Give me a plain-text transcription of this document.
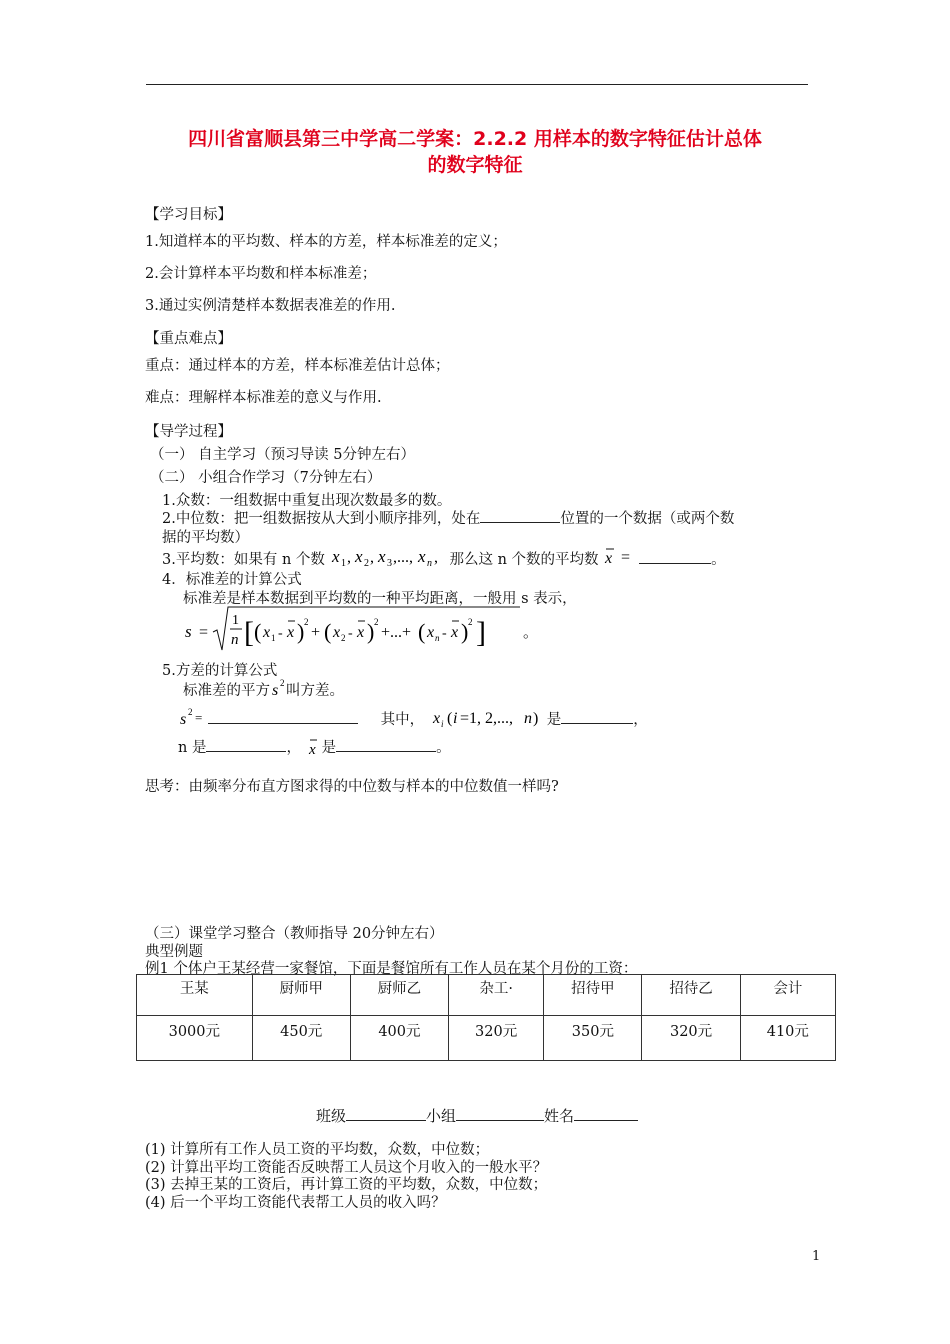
四川省富顺县第三中学高二学案：2.2.2 用样本的数字特征估计总体
的数字特征
【学习目标】
1.知道样本的平均数、样本的方差，样本标准差的定义；
2.会计算样本平均数和样本标准差；
3.通过实例清楚样本数据表准差的作用.
【重点难点】
重点：通过样本的方差，样本标准差估计总体；
难点：理解样本标准差的意义与作用.
【导学过程】
（一） 自主学习（预习导读 5分钟左右）
（二） 小组合作学习（7分钟左右）
1.众数：一组数据中重复出现次数最多的数。
2.中位数：把一组数据按从大到小顺序排列，处在	位置的一个数据（或两个数
据的平均数）
3.平均数：如果有 n 个数 x 1 , x 2 , x 3 ,..., x n , 那么这 n 个数的平均数 x =	。
4．标准差的计算公式
标准差是样本数据到平均数的一种平均距离，一般用 s 表示，
s =
1
n [ ( x 1 - x ) 2
+ ( x 2 - x ) 2
+...+ ( x n - x ) 2 ] 。
5.方差的计算公式
标准差的平方 s 2 叫方差。
s 2 =	其中， x i ( i =1, 2,..., n ) 是	，
n 是	， x 是	。
思考：由频率分布直方图求得的中位数与样本的中位数值一样吗?
（三）课堂学习整合（教师指导 20分钟左右）
典型例题
例1 个体户王某经营一家餐馆，下面是餐馆所有工作人员在某个月份的工资：
王某	厨师甲	厨师乙	杂工·	招待甲	招待乙	会计
3000元	450元	400元	320元	350元	320元	410元
班级	小组	姓名
(1) 计算所有工作人员工资的平均数，众数，中位数；
(2) 计算出平均工资能否反映帮工人员这个月收入的一般水平？
(3) 去掉王某的工资后，再计算工资的平均数，众数，中位数；
(4) 后一个平均工资能代表帮工人员的收入吗？
1
